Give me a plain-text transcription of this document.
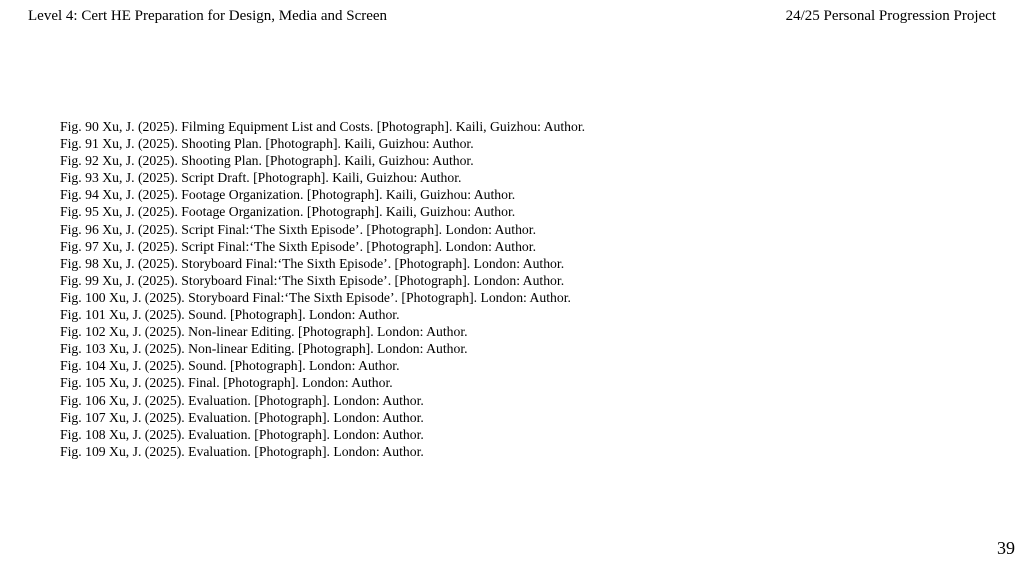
Level 4: Cert HE Preparation for Design, Media and Screen	24/25 Personal Progression Project
Fig. 90 Xu, J. (2025). Filming Equipment List and Costs. [Photograph]. Kaili, Guizhou: Author.
Fig. 91 Xu, J. (2025). Shooting Plan. [Photograph]. Kaili, Guizhou: Author.
Fig. 92 Xu, J. (2025). Shooting Plan. [Photograph]. Kaili, Guizhou: Author.
Fig. 93 Xu, J. (2025). Script Draft. [Photograph]. Kaili, Guizhou: Author.
Fig. 94 Xu, J. (2025). Footage Organization. [Photograph]. Kaili, Guizhou: Author.
Fig. 95 Xu, J. (2025). Footage Organization. [Photograph]. Kaili, Guizhou: Author.
Fig. 96 Xu, J. (2025). Script Final:‘The Sixth Episode’. [Photograph]. London: Author.
Fig. 97 Xu, J. (2025). Script Final:‘The Sixth Episode’. [Photograph]. London: Author.
Fig. 98 Xu, J. (2025). Storyboard Final:‘The Sixth Episode’. [Photograph]. London: Author.
Fig. 99 Xu, J. (2025). Storyboard Final:‘The Sixth Episode’. [Photograph]. London: Author.
Fig. 100 Xu, J. (2025). Storyboard Final:‘The Sixth Episode’. [Photograph]. London: Author.
Fig. 101 Xu, J. (2025). Sound. [Photograph]. London: Author.
Fig. 102 Xu, J. (2025). Non-linear Editing. [Photograph]. London: Author.
Fig. 103 Xu, J. (2025). Non-linear Editing. [Photograph]. London: Author.
Fig. 104 Xu, J. (2025). Sound. [Photograph]. London: Author.
Fig. 105 Xu, J. (2025). Final. [Photograph]. London: Author.
Fig. 106 Xu, J. (2025). Evaluation. [Photograph]. London: Author.
Fig. 107 Xu, J. (2025). Evaluation. [Photograph]. London: Author.
Fig. 108 Xu, J. (2025). Evaluation. [Photograph]. London: Author.
Fig. 109 Xu, J. (2025). Evaluation. [Photograph]. London: Author.
39
